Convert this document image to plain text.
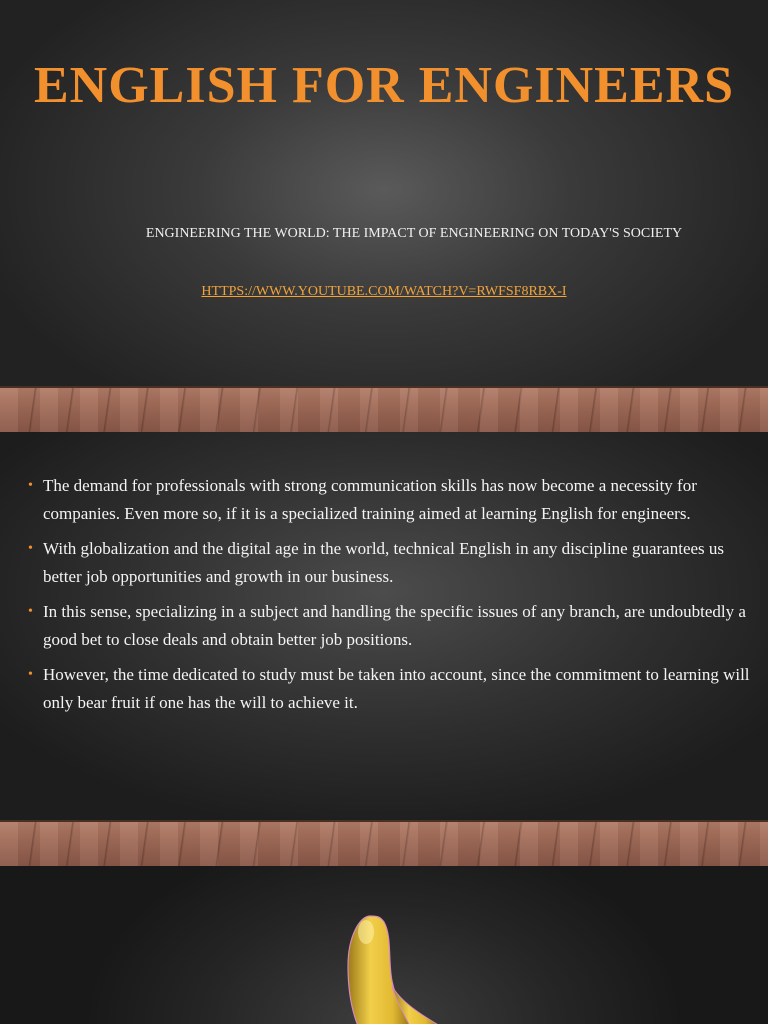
ENGLISH FOR ENGINEERS
ENGINEERING THE WORLD: THE IMPACT OF ENGINEERING ON TODAY'S SOCIETY
HTTPS://WWW.YOUTUBE.COM/WATCH?V=RWFSF8RBX-I
• The demand for professionals with strong communication skills has now become a necessity for companies. Even more so, if it is a specialized training aimed at learning English for engineers.
• With globalization and the digital age in the world, technical English in any discipline guarantees us better job opportunities and growth in our business.
• In this sense, specializing in a subject and handling the specific issues of any branch, are undoubtedly a good bet to close deals and obtain better job positions.
• However, the time dedicated to study must be taken into account, since the commitment to learning will only bear fruit if one has the will to achieve it.
